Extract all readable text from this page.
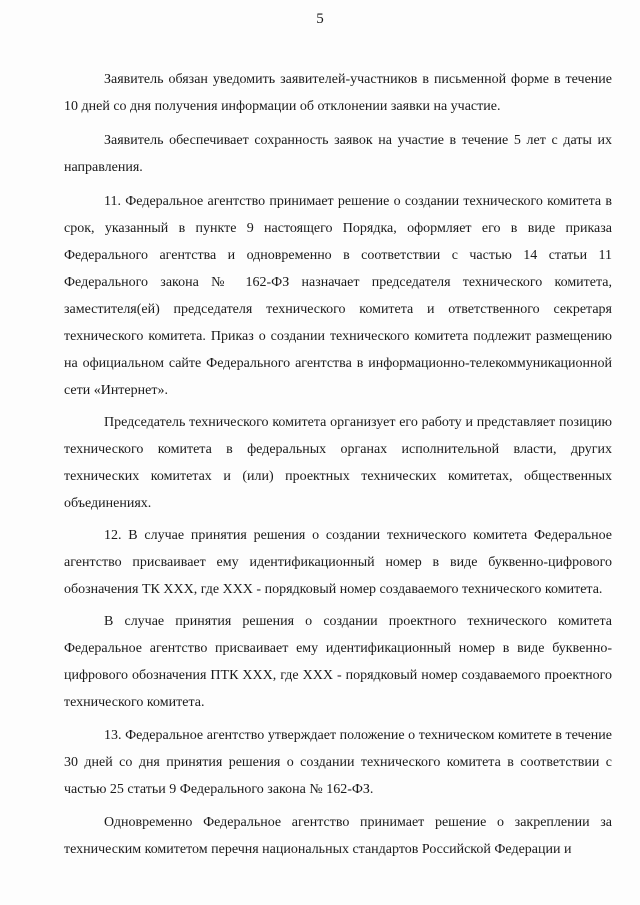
5

Заявитель обязан уведомить заявителей-участников в письменной форме в течение 10 дней со дня получения информации об отклонении заявки на участие.

Заявитель обеспечивает сохранность заявок на участие в течение 5 лет с даты их направления.

11. Федеральное агентство принимает решение о создании технического комитета в срок, указанный в пункте 9 настоящего Порядка, оформляет его в виде приказа Федерального агентства и одновременно в соответствии с частью 14 статьи 11 Федерального закона № 162-ФЗ назначает председателя технического комитета, заместителя(ей) председателя технического комитета и ответственного секретаря технического комитета. Приказ о создании технического комитета подлежит размещению на официальном сайте Федерального агентства в информационно-телекоммуникационной сети «Интернет».

Председатель технического комитета организует его работу и представляет позицию технического комитета в федеральных органах исполнительной власти, других технических комитетах и (или) проектных технических комитетах, общественных объединениях.

12. В случае принятия решения о создании технического комитета Федеральное агентство присваивает ему идентификационный номер в виде буквенно-цифрового обозначения ТК ХХХ, где ХХХ - порядковый номер создаваемого технического комитета.

В случае принятия решения о создании проектного технического комитета Федеральное агентство присваивает ему идентификационный номер в виде буквенно-цифрового обозначения ПТК ХХХ, где ХХХ - порядковый номер создаваемого проектного технического комитета.

13. Федеральное агентство утверждает положение о техническом комитете в течение 30 дней со дня принятия решения о создании технического комитета в соответствии с частью 25 статьи 9 Федерального закона № 162-ФЗ.

Одновременно Федеральное агентство принимает решение о закреплении за техническим комитетом перечня национальных стандартов Российской Федерации и
